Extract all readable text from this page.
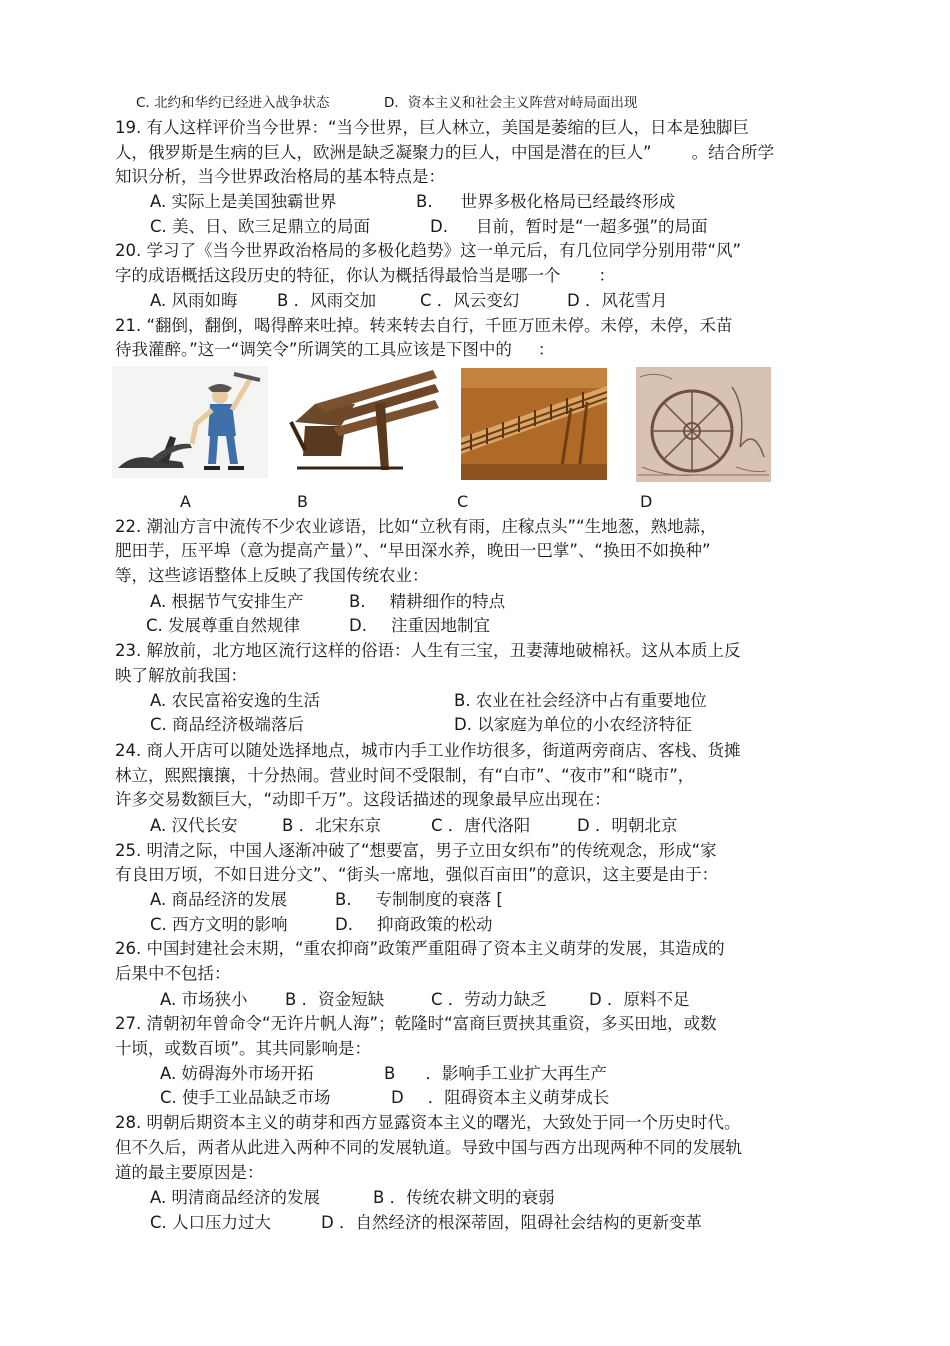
C. 北约和华约已经进入战争状态	D．资本主义和社会主义阵营对峙局面出现
19. 有人这样评价当今世界：“当今世界，巨人林立，美国是萎缩的巨人，日本是独脚巨
人，俄罗斯是生病的巨人，欧洲是缺乏凝聚力的巨人，中国是潜在的巨人” 。结合所学
知识分析，当今世界政治格局的基本特点是：
A. 实际上是美国独霸世界	B. 世界多极化格局已经最终形成
C. 美、日、欧三足鼎立的局面	D. 目前，暂时是“一超多强”的局面
20. 学习了《当今世界政治格局的多极化趋势》这一单元后，有几位同学分别用带“风”
字的成语概括这段历史的特征，你认为概括得最恰当是哪一个 ：
A. 风雨如晦 B ．风雨交加	C ．风云变幻	D ．风花雪月
21. “翻倒，翻倒，喝得醉来吐掉。转来转去自行，千匝万匝未停。未停，未停，禾苗
待我灌醉。”这一“调笑令”所调笑的工具应该是下图中的 ：
A	B	C	D
22. 潮汕方言中流传不少农业谚语，比如“立秋有雨，庄稼点头”“生地葱，熟地蒜，
肥田芋，压平埠（意为提高产量）”、“早田深水养，晚田一巴掌”、“换田不如换种”
等，这些谚语整体上反映了我国传统农业：
A. 根据节气安排生产	B. 精耕细作的特点
C. 发展尊重自然规律	D. 注重因地制宜
23. 解放前，北方地区流行这样的俗语：人生有三宝，丑妻薄地破棉袄。这从本质上反
映了解放前我国：
A. 农民富裕安逸的生活	B. 农业在社会经济中占有重要地位
C. 商品经济极端落后	D. 以家庭为单位的小农经济特征
24. 商人开店可以随处选择地点，城市内手工业作坊很多，街道两旁商店、客栈、货摊
林立，熙熙攘攘，十分热闹。营业时间不受限制，有“白市”、“夜市”和“晓市”，
许多交易数额巨大，“动即千万”。这段话描述的现象最早应出现在：
A. 汉代长安	B ．北宋东京	C ．唐代洛阳	D ．明朝北京
25. 明清之际，中国人逐渐冲破了“想要富，男子立田女织布”的传统观念，形成“家
有良田万顷，不如日进分文”、“街头一席地，强似百亩田”的意识，这主要是由于：
A. 商品经济的发展	B. 专制制度的衰落 [
C. 西方文明的影响	D. 抑商政策的松动
26. 中国封建社会末期，“重农抑商”政策严重阻碍了资本主义萌芽的发展，其造成的
后果中不包括：
A. 市场狭小 B ．资金短缺	C ．劳动力缺乏	D ．原料不足
27. 清朝初年曾命令“无许片帆人海”；乾隆时“富商巨贾挟其重资，多买田地，或数
十顷，或数百顷”。其共同影响是：
A. 妨碍海外市场开拓	B ．影响手工业扩大再生产
C. 使手工业品缺乏市场	D ．阻碍资本主义萌芽成长
28. 明朝后期资本主义的萌芽和西方显露资本主义的曙光，大致处于同一个历史时代。
但不久后，两者从此进入两种不同的发展轨道。导致中国与西方出现两种不同的发展轨
道的最主要原因是：
A. 明清商品经济的发展	B ．传统农耕文明的衰弱
C. 人口压力过大	D ．自然经济的根深蒂固，阻碍社会结构的更新变革
